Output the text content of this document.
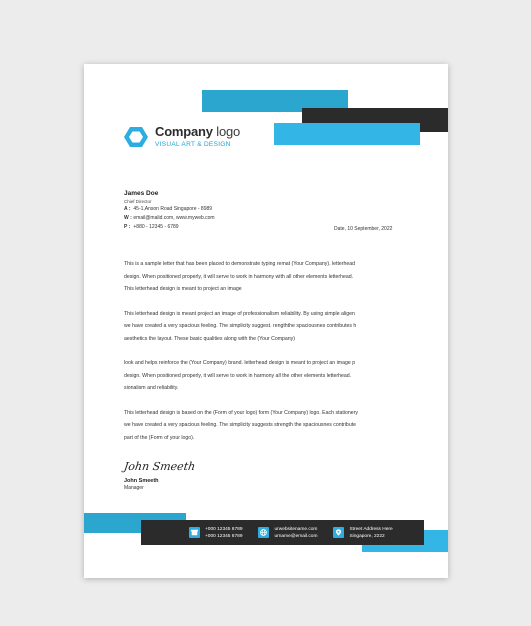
Company logo
VISUAL ART & DESIGN
James Doe
Chief Director
A : 45-1,Anson Road Singapore - 8989
W : email@malid.com, www.myweb.com
P : +880 - 12345 - 6789	Date, 10 September, 2022
This is a sample letter that has been placed to demonstrate typing remat (Your Company). letterhead
design. When positioned properly, it will serve to work in harmony with all other elements letterhead.
This letterhead design is meant to project an image
This letterhead design is meant project an image of professionalism reliability. By using simple aligen
we have created a very spacious feeling. The simplicity suggest. rengththe spaciousnes contributes h
aesthetics the layout. These basic qualities along with the (Your Company)
look and helps reinforce the (Your Company) brand. letterhead design is meant to project an image p
design. When positioned properly, it will serve to work in harmony all the other elements letterhead.
sionalism and reliability.
This letterhead design is based on the (Form of your logo) form (Your Company) logo. Each stationery
we have created a very spacious feeling. The simplicity suggests strength the spaciousnes contribute
part of the (Form of your logo).
John Smeeth
John Smeeth
Manager
+000 12345 6789
+000 12345 6789
urwebsitename.com
urname@email.com
Street Address Here
Singapore, 2222
